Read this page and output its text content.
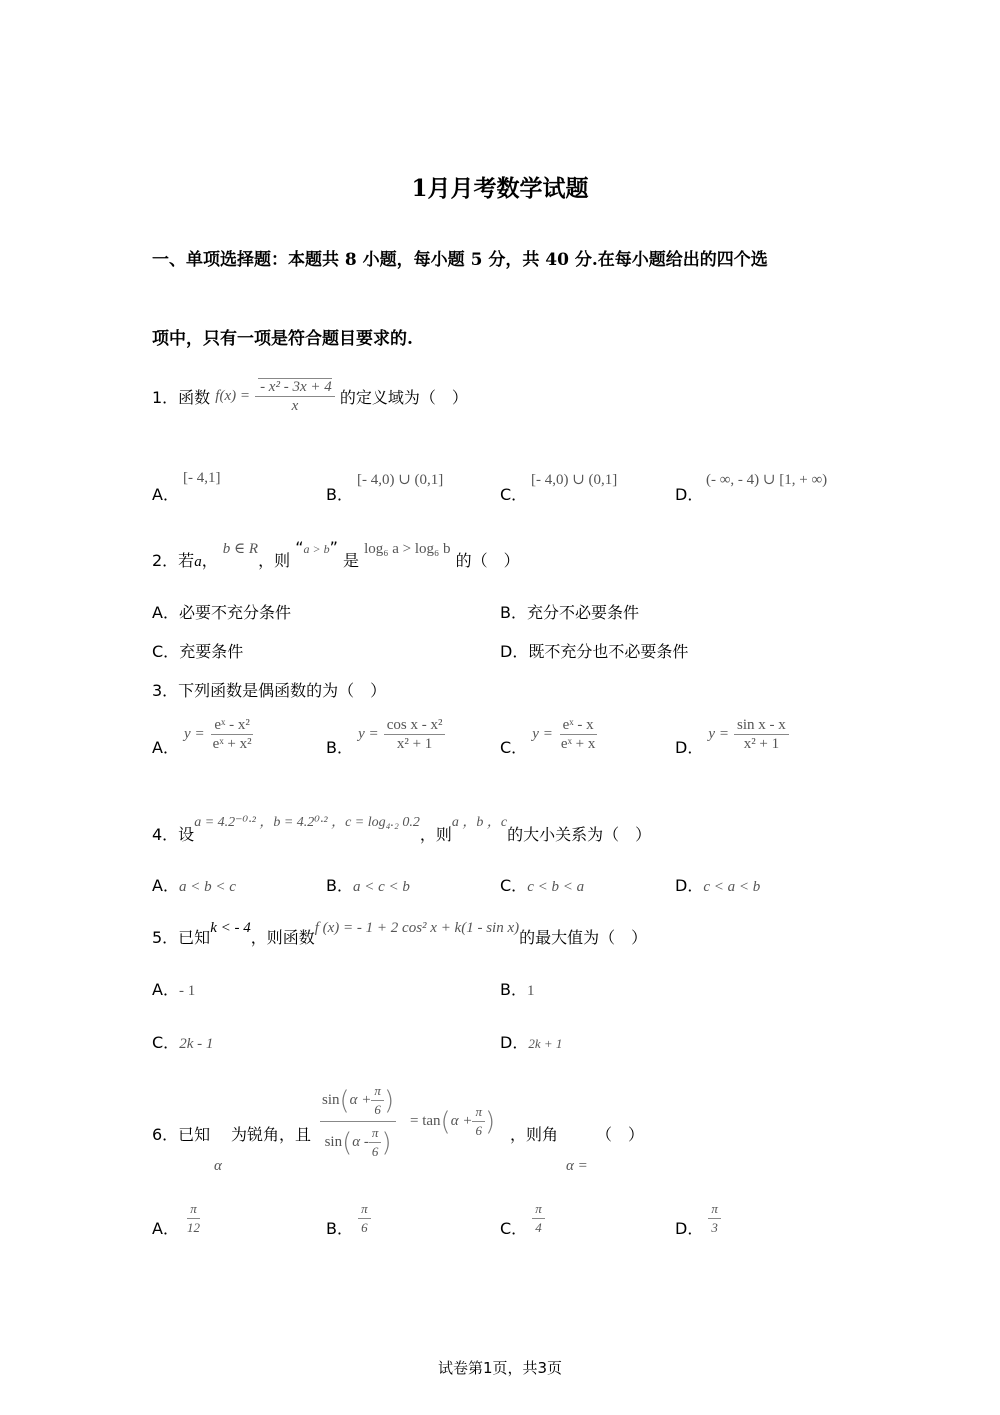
1月月考数学试题
一、单项选择题：本题共 8 小题，每小题 5 分，共 40 分.在每小题给出的四个选
项中，只有一项是符合题目要求的.
1．函数 $f(x) = \frac{\text{- x² - 3x + 4}}{x}$ 的定义域为（　）
A．
[- 4,1]
B．
[- 4,0) ∪ (0,1]
C．
[- 4,0) ∪ (0,1]
D．
(- ∞, - 4) ∪ [1, + ∞)
2．若a， b ∈ R，则 “a > b” 是 log₆ a > log₆ b 的（　）
A．必要不充分条件	B．充分不必要条件
C．充要条件	D．既不充分也不必要条件
3．下列函数是偶函数的为（　）
A． $y = \frac{\text{eˣ - x²}}{\text{eˣ + x²}}$	B． $y = \frac{\text{cos x - x²}}{\text{x² + 1}}$	C． $y = \frac{\text{eˣ - x}}{\text{eˣ + x}}$	D． $y = \frac{\text{sin x - x}}{\text{x² + 1}}$
4．设a = 4.2⁻⁰·² ，b = 4.2⁰·² ，c = log₄.₂ 0.2，则a ，b ，c的大小关系为（　）
A．a < b < c	B．a < c < b	C．c < b < a	D．c < a < b
5．已知k < - 4，则函数f (x) = - 1 + 2 cos² x + k(1 - sin x)的最大值为（　）
A．- 1	B．1
C．2k - 1	D．2k + 1
6．已知
α
为锐角，且
sin ( $\alpha + \frac{\pi}{6}$ )
sin ( α - $\frac{\pi}{6}$ )
= tan ( $\alpha + \frac{\pi}{6}$ ) ，则角
α =
（　）
A． $\frac{\pi}{12}$	B． $\frac{\pi}{6}$	C． $\frac{\pi}{4}$	D． $\frac{\pi}{3}$
试卷第1页，共3页
